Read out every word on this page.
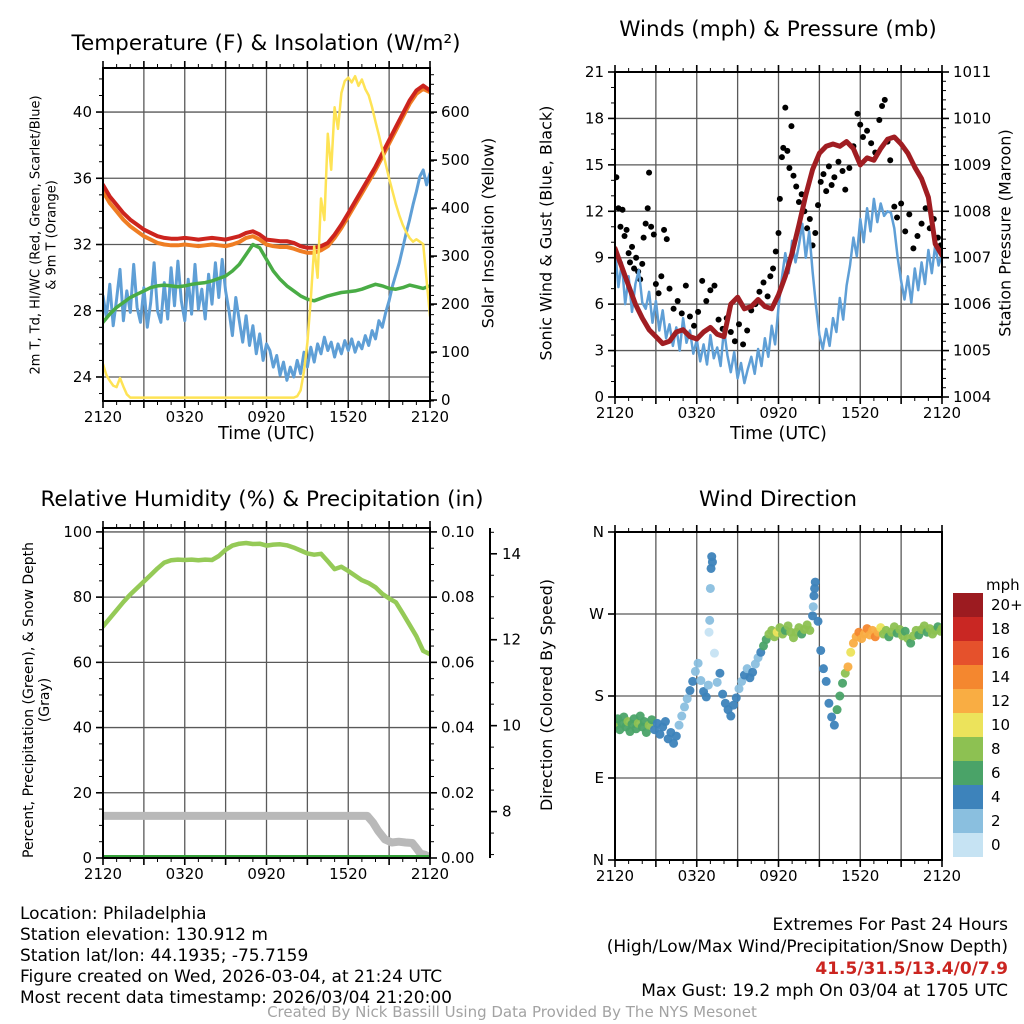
2120	0320	0920	1520	2120
24
28
32
36
40
0
100
200
300
400
500
600
2120	0320	0920	1520	2120
0
3
6
9
12
15
18
21
1004
1005
1006
1007
1008
1009
1010
1011
2120	0320	0920	1520	2120
0
20
40
60
80
100
0.00
0.02
0.04
0.06
0.08
0.10
8
10
12
14
2120	0320	0920	1520	2120
N
E
S
W
N
20+
18
16
14
12
10
8
6
4
2
0
Temperature (F) & Insolation (W/m²)
Winds (mph) & Pressure (mb)
Relative Humidity (%) & Precipitation (in)	Wind Direction
Time (UTC)	Time (UTC)
2m T, Td, HI/WC (Red, Green, Scarlet/Blue) & 9m T (Orange)	Solar Insolation (Yellow) Sonic Wind & Gust (Blue, Black)	Station Pressure (Maroon)
Percent, Precipitation (Green), & Snow Depth (Gray)	Direction (Colored By Speed)	mph
Location: Philadelphia
Station elevation: 130.912 m
Station lat/lon: 44.1935; -75.7159
Figure created on Wed, 2026-03-04, at 21:24 UTC
Most recent data timestamp: 2026/03/04 21:20:00
Extremes For Past 24 Hours
(High/Low/Max Wind/Precipitation/Snow Depth)
41.5/31.5/13.4/0/7.9
Max Gust: 19.2 mph On 03/04 at 1705 UTC
Created By Nick Bassill Using Data Provided By The NYS Mesonet
